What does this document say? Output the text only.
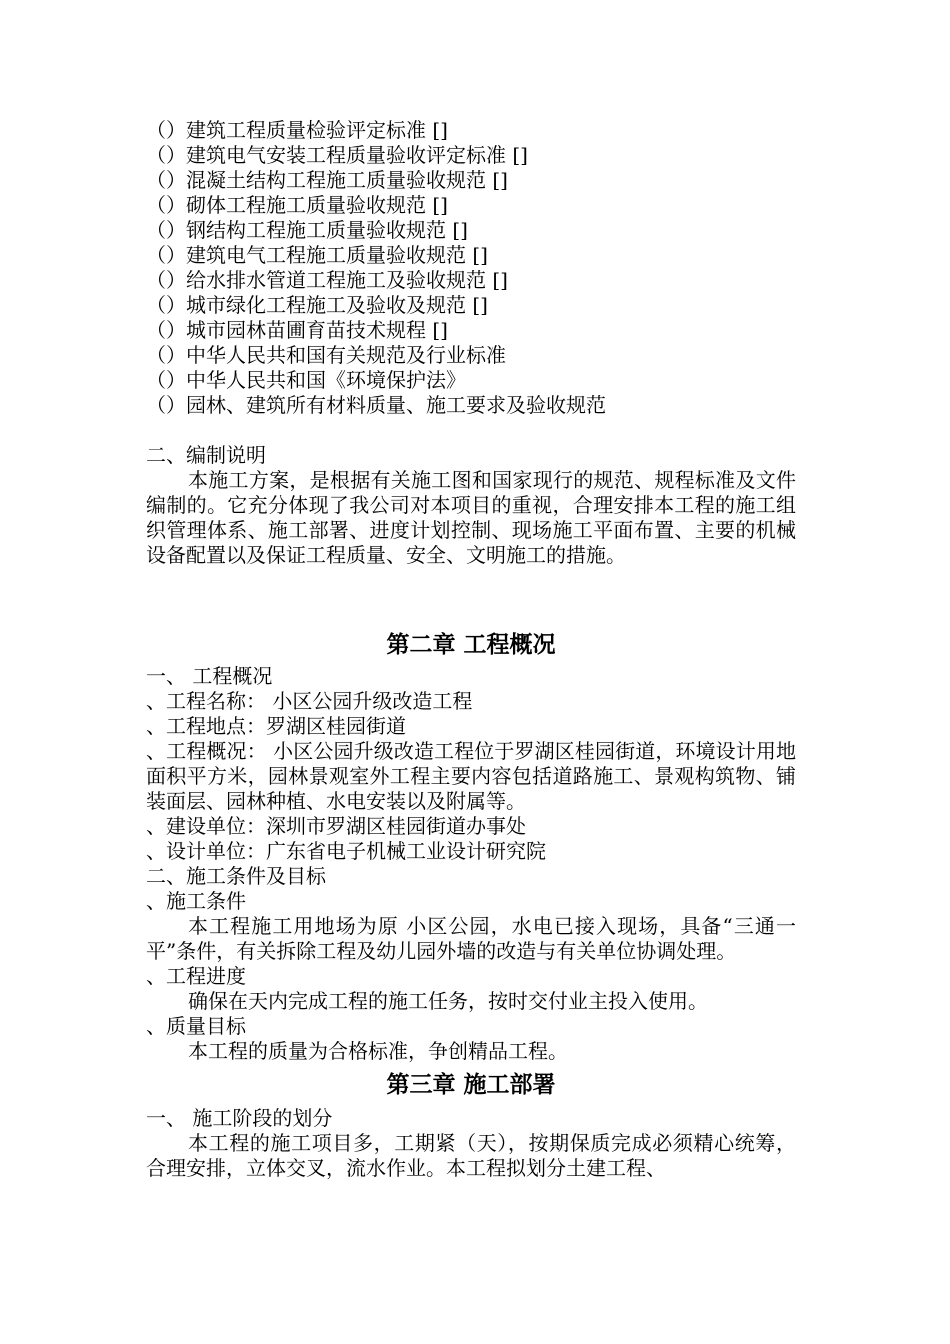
（）建筑工程质量检验评定标准 []
（）建筑电气安装工程质量验收评定标准 []
（）混凝土结构工程施工质量验收规范 []
（）砌体工程施工质量验收规范 []
（）钢结构工程施工质量验收规范 []
（）建筑电气工程施工质量验收规范 []
（）给水排水管道工程施工及验收规范 []
（）城市绿化工程施工及验收及规范 []
（）城市园林苗圃育苗技术规程 []
（）中华人民共和国有关规范及行业标准
（）中华人民共和国《环境保护法》
（）园林、建筑所有材料质量、施工要求及验收规范
二、编制说明
本施工方案，是根据有关施工图和国家现行的规范、规程标准及文件编制的。它充分体现了我公司对本项目的重视，合理安排本工程的施工组织管理体系、施工部署、进度计划控制、现场施工平面布置、主要的机械设备配置以及保证工程质量、安全、文明施工的措施。
第二章 工程概况
一、 工程概况
、工程名称： 小区公园升级改造工程
、工程地点：罗湖区桂园街道
、工程概况： 小区公园升级改造工程位于罗湖区桂园街道，环境设计用地面积平方米，园林景观室外工程主要内容包括道路施工、景观构筑物、铺装面层、园林种植、水电安装以及附属等。
、建设单位：深圳市罗湖区桂园街道办事处
、设计单位：广东省电子机械工业设计研究院
二、施工条件及目标
、施工条件
本工程施工用地场为原 小区公园，水电已接入现场，具备“三通一平”条件，有关拆除工程及幼儿园外墙的改造与有关单位协调处理。
、工程进度
确保在天内完成工程的施工任务，按时交付业主投入使用。
、质量目标
本工程的质量为合格标准，争创精品工程。
第三章 施工部署
一、 施工阶段的划分
本工程的施工项目多，工期紧（天），按期保质完成必须精心统筹，合理安排，立体交叉，流水作业。本工程拟划分土建工程、
